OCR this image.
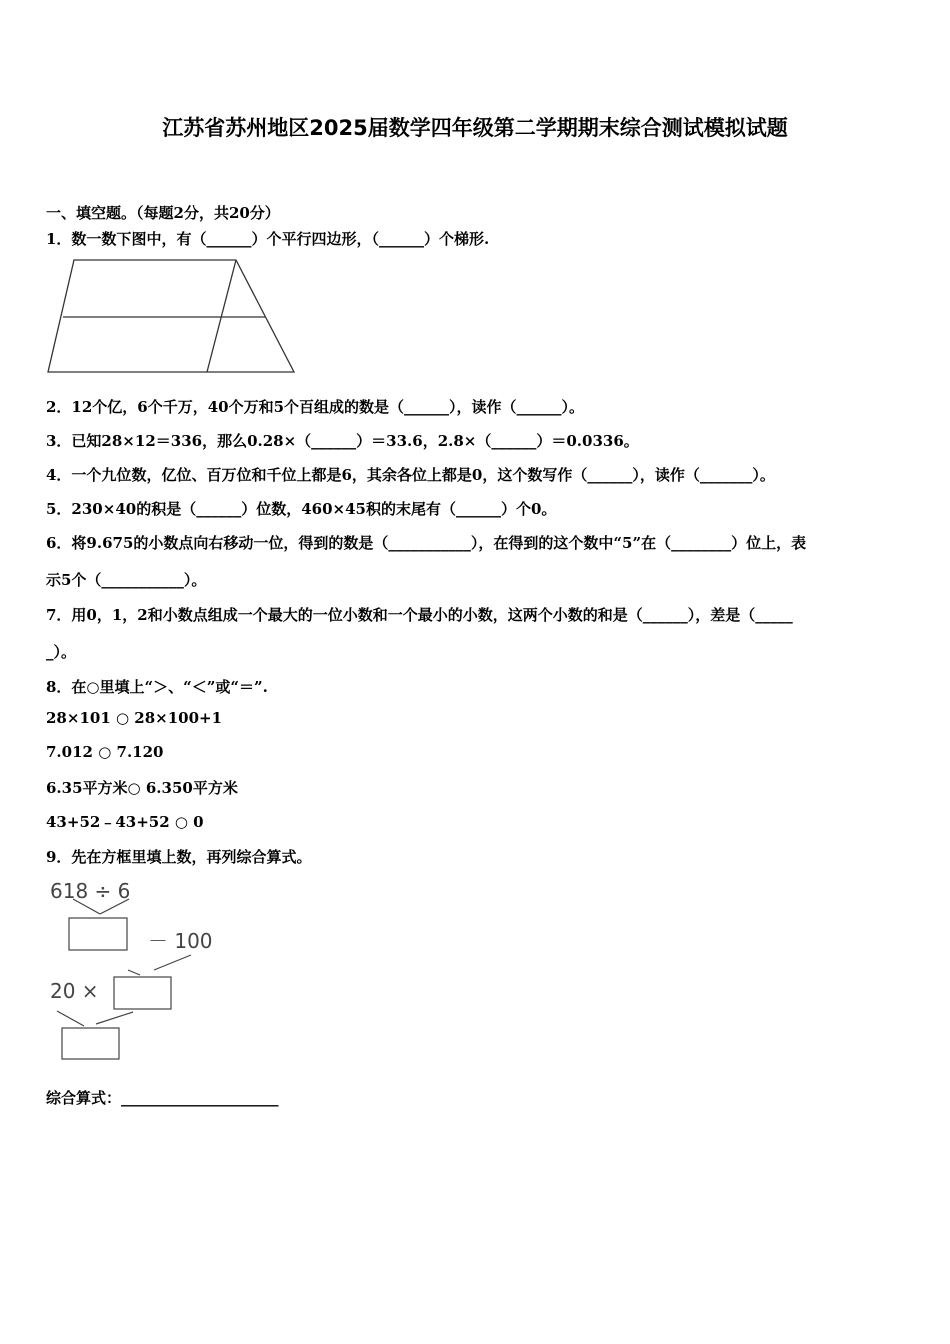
江苏省苏州地区2025届数学四年级第二学期期末综合测试模拟试题
一、填空题。（每题2分，共20分）
1．数一数下图中，有（______）个平行四边形，（______）个梯形.
2．12个亿，6个千万，40个万和5个百组成的数是（______），读作（______）。
3．已知28×12＝336，那么0.28×（______）＝33.6，2.8×（______）＝0.0336。
4．一个九位数，亿位、百万位和千位上都是6，其余各位上都是0，这个数写作（______），读作（_______）。
5．230×40的积是（______）位数，460×45积的末尾有（______）个0。
6．将9.675的小数点向右移动一位，得到的数是（___________），在得到的这个数中“5”在（________）位上，表
示5个（___________）。
7．用0，1，2和小数点组成一个最大的一位小数和一个最小的小数，这两个小数的和是（______），差是（_____
_）。
8．在○里填上“＞、“＜”或“＝”.
28×101 ○ 28×100+1
7.012 ○ 7.120
6.35平方米○ 6.350平方米
43+52﹣43+52 ○ 0
9．先在方框里填上数，再列综合算式。
618 ÷ 6
－ 100
20 ×
综合算式：_____________________
